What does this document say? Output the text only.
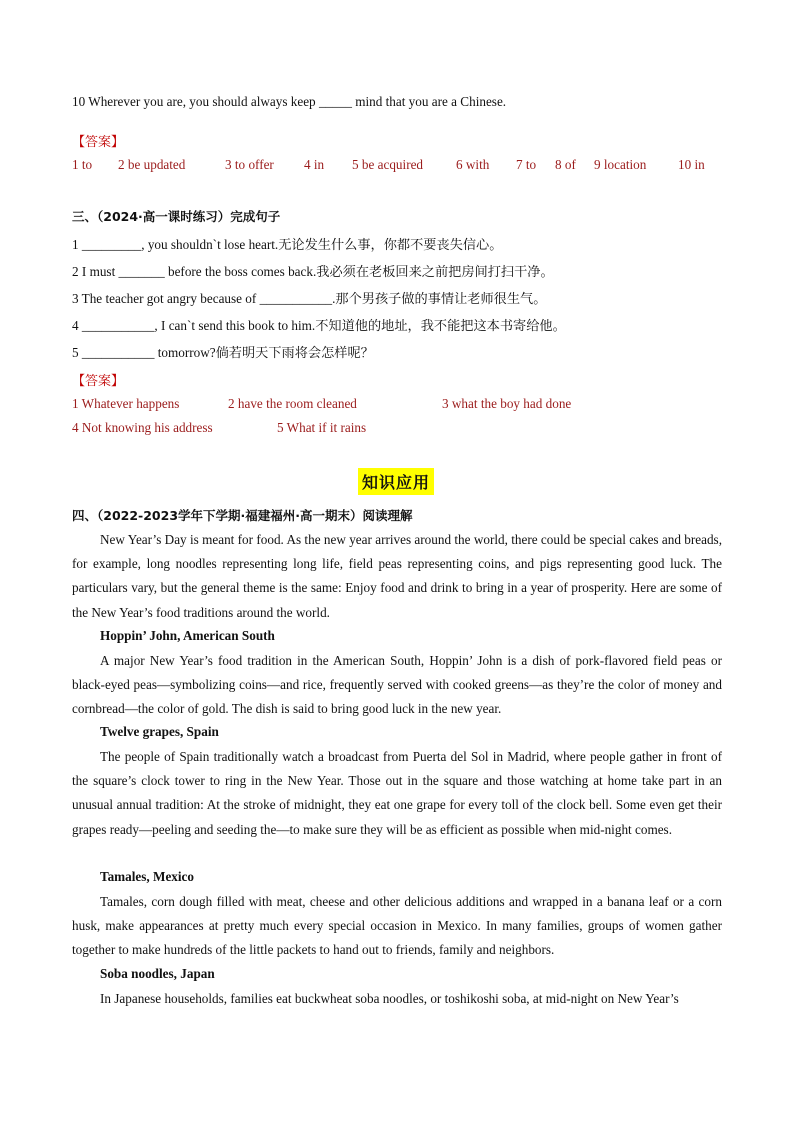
10 Wherever you are, you should always keep _____ mind that you are a Chinese.
【答案】
1 to 2 be updated	3 to offer 4 in 5 be acquired 6 with 7 to 8 of 9 location 10 in
三、（2024·高一课时练习）完成句子
1 _________, you shouldn`t lose heart.无论发生什么事，你都不要丧失信心。
2 I must _______ before the boss comes back.我必须在老板回来之前把房间打扫干净。
3 The teacher got angry because of ___________.那个男孩子做的事情让老师很生气。
4 ___________, I can`t send this book to him.不知道他的地址，我不能把这本书寄给他。
5 ___________ tomorrow?倘若明天下雨将会怎样呢？
【答案】
1 Whatever happens	2 have the room cleaned	3 what the boy had done
4 Not knowing his address	5 What if it rains
知识应用
四、（2022-2023学年下学期·福建福州·高一期末）阅读理解

New Year’s Day is meant for food. As the new year arrives around the world, there could be special cakes and breads, for example, long noodles representing long life, field peas representing coins, and pigs representing good luck. The particulars vary, but the general theme is the same: Enjoy food and drink to bring in a year of prosperity. Here are some of the New Year’s food traditions around the world.

Hoppin’ John, American South

A major New Year’s food tradition in the American South, Hoppin’ John is a dish of pork-flavored field peas or black-eyed peas—symbolizing coins—and rice, frequently served with cooked greens—as they’re the color of money and cornbread—the color of gold. The dish is said to bring good luck in the new year.

Twelve grapes, Spain

The people of Spain traditionally watch a broadcast from Puerta del Sol in Madrid, where people gather in front of the square’s clock tower to ring in the New Year. Those out in the square and those watching at home take part in an unusual annual tradition: At the stroke of midnight, they eat one grape for every toll of the clock bell. Some even get their grapes ready—peeling and seeding the—to make sure they will be as efficient as possible when mid-night comes.

Tamales, Mexico

Tamales, corn dough filled with meat, cheese and other delicious additions and wrapped in a banana leaf or a corn husk, make appearances at pretty much every special occasion in Mexico. In many families, groups of women gather together to make hundreds of the little packets to hand out to friends, family and neighbors.

Soba noodles, Japan

In Japanese households, families eat buckwheat soba noodles, or toshikoshi soba, at mid-night on New Year’s
